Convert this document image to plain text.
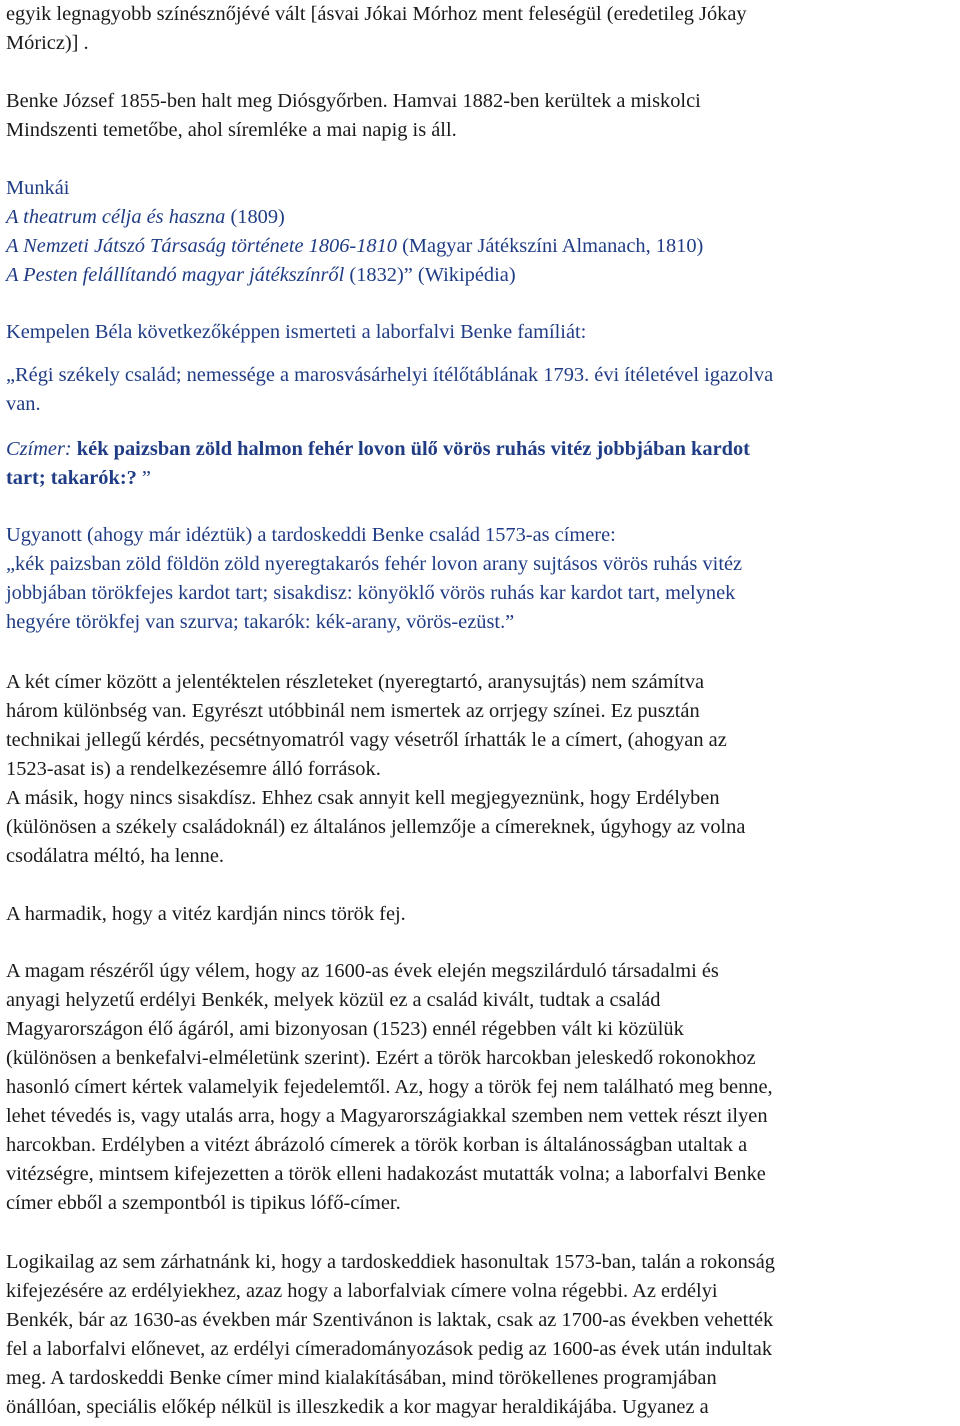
egyik legnagyobb színésznőjévé vált [ásvai Jókai Mórhoz ment feleségül (eredetileg Jókay
Móricz)] .
Benke József 1855-ben halt meg Diósgyőrben. Hamvai 1882-ben kerültek a miskolci
Mindszenti temetőbe, ahol síremléke a mai napig is áll.
Munkái
A theatrum célja és haszna (1809)
A Nemzeti Játszó Társaság története 1806-1810 (Magyar Játékszíni Almanach, 1810)
A Pesten felállítandó magyar játékszínről (1832)” (Wikipédia)
Kempelen Béla következőképpen ismerteti a laborfalvi Benke famíliát:
„Régi székely család; nemessége a marosvásárhelyi ítélőtáblának 1793. évi ítéletével igazolva
van.
Czímer: kék paizsban zöld halmon fehér lovon ülő vörös ruhás vitéz jobbjában kardot
tart; takarók:? ”
Ugyanott (ahogy már idéztük) a tardoskeddi Benke család 1573-as címere:
„kék paizsban zöld földön zöld nyeregtakarós fehér lovon arany sujtásos vörös ruhás vitéz
jobbjában törökfejes kardot tart; sisakdisz: könyöklő vörös ruhás kar kardot tart, melynek
hegyére törökfej van szurva; takarók: kék-arany, vörös-ezüst.”
A két címer között a jelentéktelen részleteket (nyeregtartó, aranysujtás) nem számítva
három különbség van. Egyrészt utóbbinál nem ismertek az orrjegy színei. Ez pusztán
technikai jellegű kérdés, pecsétnyomatról vagy vésetről írhatták le a címert, (ahogyan az
1523-asat is) a rendelkezésemre álló források.
A másik, hogy nincs sisakdísz. Ehhez csak annyit kell megjegyeznünk, hogy Erdélyben
(különösen a székely családoknál) ez általános jellemzője a címereknek, úgyhogy az volna
csodálatra méltó, ha lenne.
A harmadik, hogy a vitéz kardján nincs török fej.
A magam részéről úgy vélem, hogy az 1600-as évek elején megszilárduló társadalmi és
anyagi helyzetű erdélyi Benkék, melyek közül ez a család kivált, tudtak a család
Magyarországon élő ágáról, ami bizonyosan (1523) ennél régebben vált ki közülük
(különösen a benkefalvi-elméletünk szerint). Ezért a török harcokban jeleskedő rokonokhoz
hasonló címert kértek valamelyik fejedelemtől. Az, hogy a török fej nem található meg benne,
lehet tévedés is, vagy utalás arra, hogy a Magyarországiakkal szemben nem vettek részt ilyen
harcokban. Erdélyben a vitézt ábrázoló címerek a török korban is általánosságban utaltak a
vitézségre, mintsem kifejezetten a török elleni hadakozást mutatták volna; a laborfalvi Benke
címer ebből a szempontból is tipikus lófő-címer.
Logikailag az sem zárhatnánk ki, hogy a tardoskeddiek hasonultak 1573-ban, talán a rokonság
kifejezésére az erdélyiekhez, azaz hogy a laborfalviak címere volna régebbi. Az erdélyi
Benkék, bár az 1630-as években már Szentivánon is laktak, csak az 1700-as években vehették
fel a laborfalvi előnevet, az erdélyi címeradományozások pedig az 1600-as évek után indultak
meg. A tardoskeddi Benke címer mind kialakításában, mind törökellenes programjában
önállóan, speciális előkép nélkül is illeszkedik a kor magyar heraldikájába. Ugyanez a
